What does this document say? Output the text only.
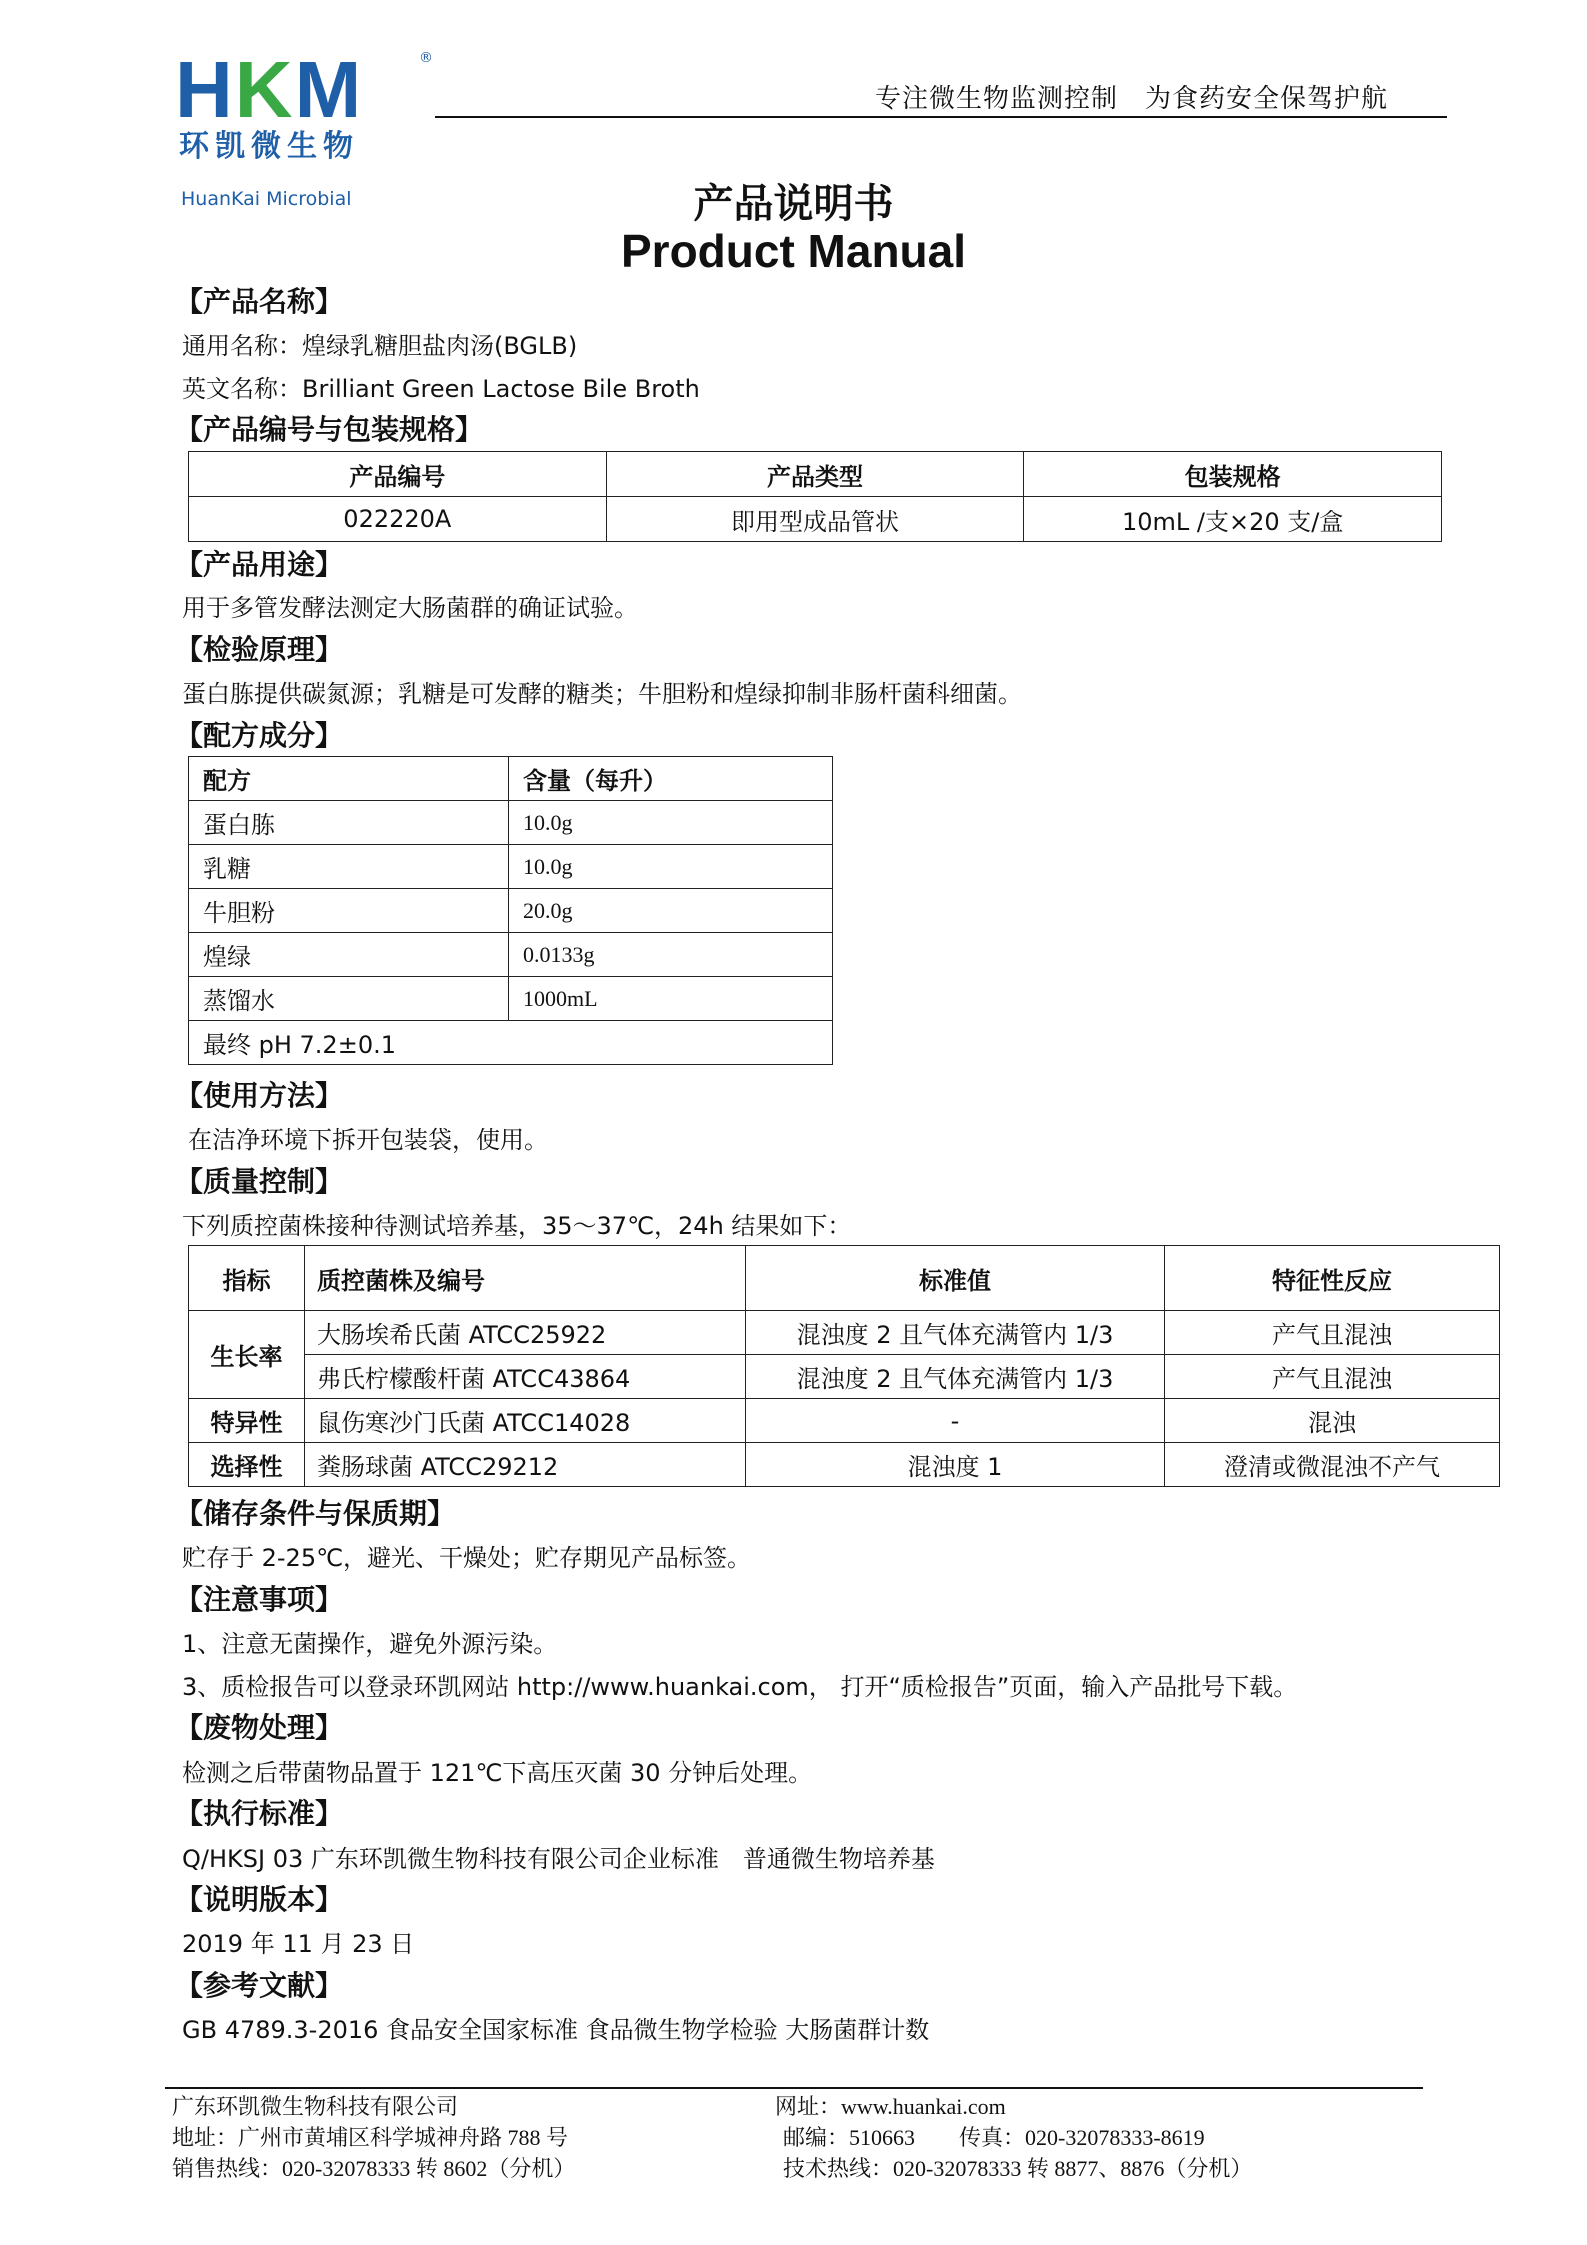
HKM	®
环凯微生物
HuanKai Microbial
专注微生物监测控制　为食药安全保驾护航
产品说明书
Product Manual
【产品名称】
通用名称：煌绿乳糖胆盐肉汤(BGLB)
英文名称：Brilliant Green Lactose Bile Broth
【产品编号与包装规格】
产品编号	产品类型	包装规格
022220A	即用型成品管状	10mL /支×20 支/盒
【产品用途】
用于多管发酵法测定大肠菌群的确证试验。
【检验原理】
蛋白胨提供碳氮源；乳糖是可发酵的糖类；牛胆粉和煌绿抑制非肠杆菌科细菌。
【配方成分】
配方	含量（每升）
蛋白胨	10.0g
乳糖	10.0g
牛胆粉	20.0g
煌绿	0.0133g
蒸馏水	1000mL
最终 pH 7.2±0.1	
【使用方法】
在洁净环境下拆开包装袋，使用。
【质量控制】
下列质控菌株接种待测试培养基，35～37℃，24h 结果如下：
指标	质控菌株及编号	标准值	特征性反应
生长率	大肠埃希氏菌 ATCC25922	混浊度 2 且气体充满管内 1/3	产气且混浊
	弗氏柠檬酸杆菌 ATCC43864	混浊度 2 且气体充满管内 1/3	产气且混浊
特异性	鼠伤寒沙门氏菌 ATCC14028	-	混浊
选择性	粪肠球菌 ATCC29212	混浊度 1	澄清或微混浊不产气
【储存条件与保质期】
贮存于 2-25℃，避光、干燥处；贮存期见产品标签。
【注意事项】
1、注意无菌操作，避免外源污染。
3、质检报告可以登录环凯网站 http://www.huankai.com， 打开“质检报告”页面，输入产品批号下载。
【废物处理】
检测之后带菌物品置于 121℃下高压灭菌 30 分钟后处理。
【执行标准】
Q/HKSJ 03 广东环凯微生物科技有限公司企业标准　普通微生物培养基
【说明版本】
2019 年 11 月 23 日
【参考文献】
GB 4789.3-2016 食品安全国家标准 食品微生物学检验 大肠菌群计数
广东环凯微生物科技有限公司
地址：广州市黄埔区科学城神舟路 788 号
销售热线：020-32078333 转 8602（分机）
网址：www.huankai.com
邮编：510663　　传真：020-32078333-8619
技术热线：020-32078333 转 8877、8876（分机）
